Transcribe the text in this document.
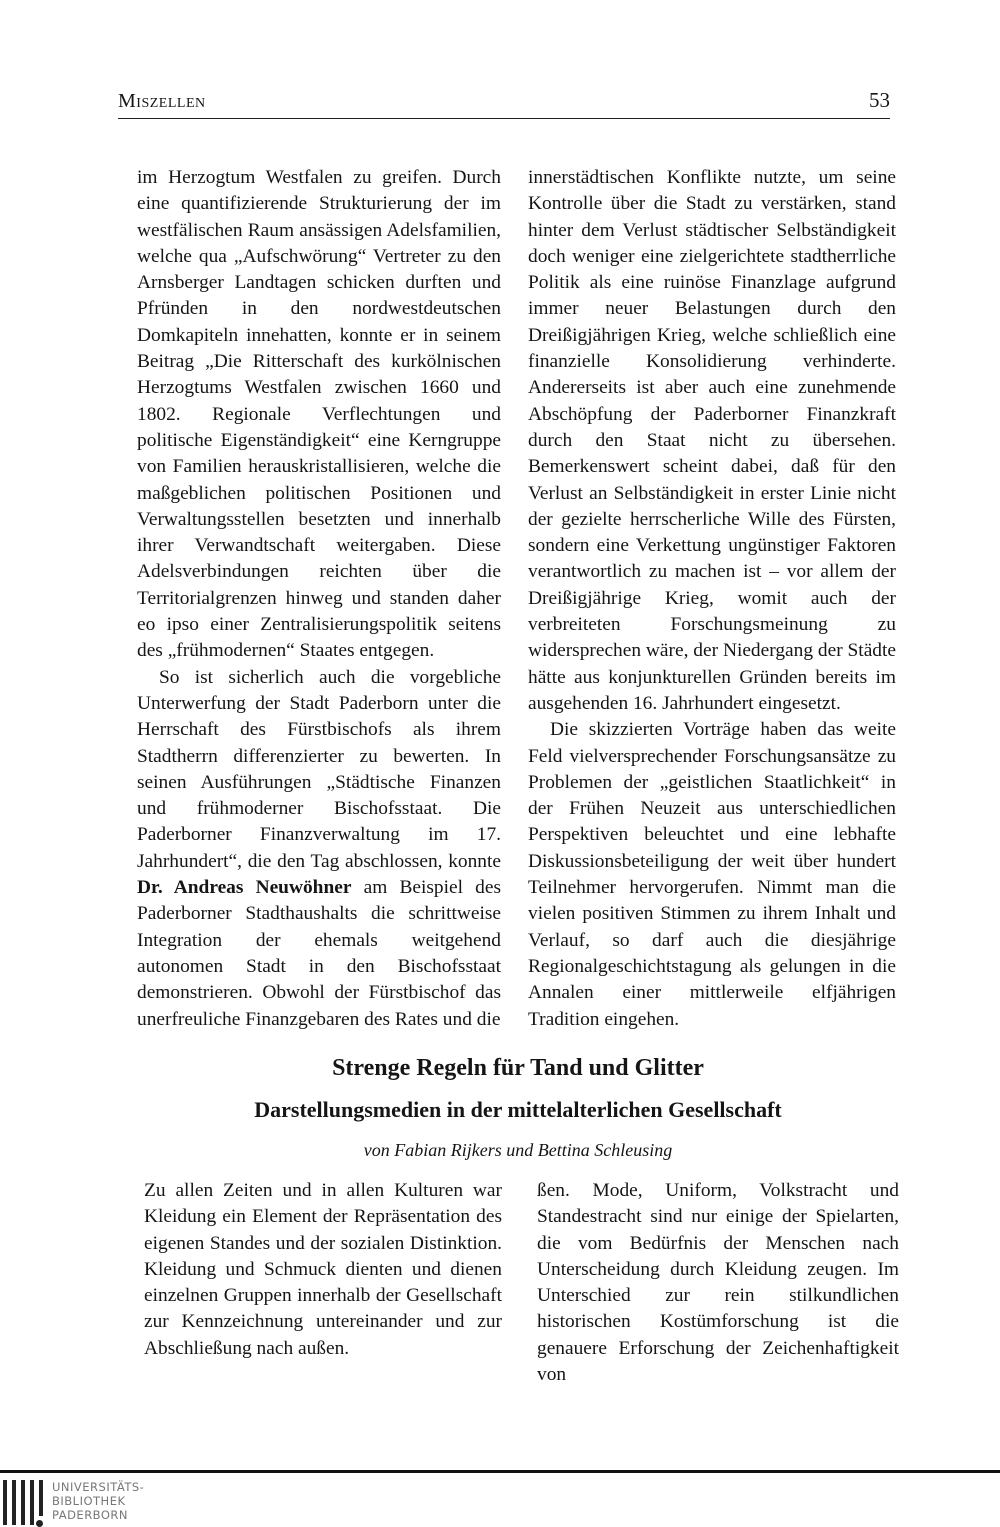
Miszellen	53

im Herzogtum Westfalen zu greifen. Durch eine quantifizierende Strukturierung der im westfälischen Raum ansässigen Adelsfamilien, welche qua „Aufschwörung“ Vertreter zu den Arnsberger Landtagen schicken durften und Pfründen in den nordwestdeutschen Domkapiteln innehatten, konnte er in seinem Beitrag „Die Ritterschaft des kurkölnischen Herzogtums Westfalen zwischen 1660 und 1802. Regionale Verflechtungen und politische Eigenständigkeit“ eine Kerngruppe von Familien herauskristallisieren, welche die maßgeblichen politischen Positionen und Verwaltungsstellen besetzten und innerhalb ihrer Verwandtschaft weitergaben. Diese Adelsverbindungen reichten über die Territorialgrenzen hinweg und standen daher eo ipso einer Zentralisierungspolitik seitens des „frühmodernen“ Staates entgegen.

So ist sicherlich auch die vorgebliche Unterwerfung der Stadt Paderborn unter die Herrschaft des Fürstbischofs als ihrem Stadtherrn differenzierter zu bewerten. In seinen Ausführungen „Städtische Finanzen und frühmoderner Bischofsstaat. Die Paderborner Finanzverwaltung im 17. Jahrhundert“, die den Tag abschlossen, konnte Dr. Andreas Neuwöhner am Beispiel des Paderborner Stadthaushalts die schrittweise Integration der ehemals weitgehend autonomen Stadt in den Bischofsstaat demonstrieren. Obwohl der Fürstbischof das unerfreuliche Finanzgebaren des Rates und die

innerstädtischen Konflikte nutzte, um seine Kontrolle über die Stadt zu verstärken, stand hinter dem Verlust städtischer Selbständigkeit doch weniger eine zielgerichtete stadtherrliche Politik als eine ruinöse Finanzlage aufgrund immer neuer Belastungen durch den Dreißigjährigen Krieg, welche schließlich eine finanzielle Konsolidierung verhinderte. Andererseits ist aber auch eine zunehmende Abschöpfung der Paderborner Finanzkraft durch den Staat nicht zu übersehen. Bemerkenswert scheint dabei, daß für den Verlust an Selbständigkeit in erster Linie nicht der gezielte herrscherliche Wille des Fürsten, sondern eine Verkettung ungünstiger Faktoren verantwortlich zu machen ist – vor allem der Dreißigjährige Krieg, womit auch der verbreiteten Forschungsmeinung zu widersprechen wäre, der Niedergang der Städte hätte aus konjunkturellen Gründen bereits im ausgehenden 16. Jahrhundert eingesetzt.

Die skizzierten Vorträge haben das weite Feld vielversprechender Forschungsansätze zu Problemen der „geistlichen Staatlichkeit“ in der Frühen Neuzeit aus unterschiedlichen Perspektiven beleuchtet und eine lebhafte Diskussionsbeteiligung der weit über hundert Teilnehmer hervorgerufen. Nimmt man die vielen positiven Stimmen zu ihrem Inhalt und Verlauf, so darf auch die diesjährige Regionalgeschichtstagung als gelungen in die Annalen einer mittlerweile elfjährigen Tradition eingehen.

Strenge Regeln für Tand und Glitter
Darstellungsmedien in der mittelalterlichen Gesellschaft
von Fabian Rijkers und Bettina Schleusing

Zu allen Zeiten und in allen Kulturen war Kleidung ein Element der Repräsentation des eigenen Standes und der sozialen Distinktion. Kleidung und Schmuck dienten und dienen einzelnen Gruppen innerhalb der Gesellschaft zur Kennzeichnung untereinander und zur Abschließung nach außen.

ßen. Mode, Uniform, Volkstracht und Standestracht sind nur einige der Spielarten, die vom Bedürfnis der Menschen nach Unterscheidung durch Kleidung zeugen. Im Unterschied zur rein stilkundlichen historischen Kostümforschung ist die genauere Erforschung der Zeichenhaftigkeit von

UNIVERSITÄTS-
BIBLIOTHEK
PADERBORN
